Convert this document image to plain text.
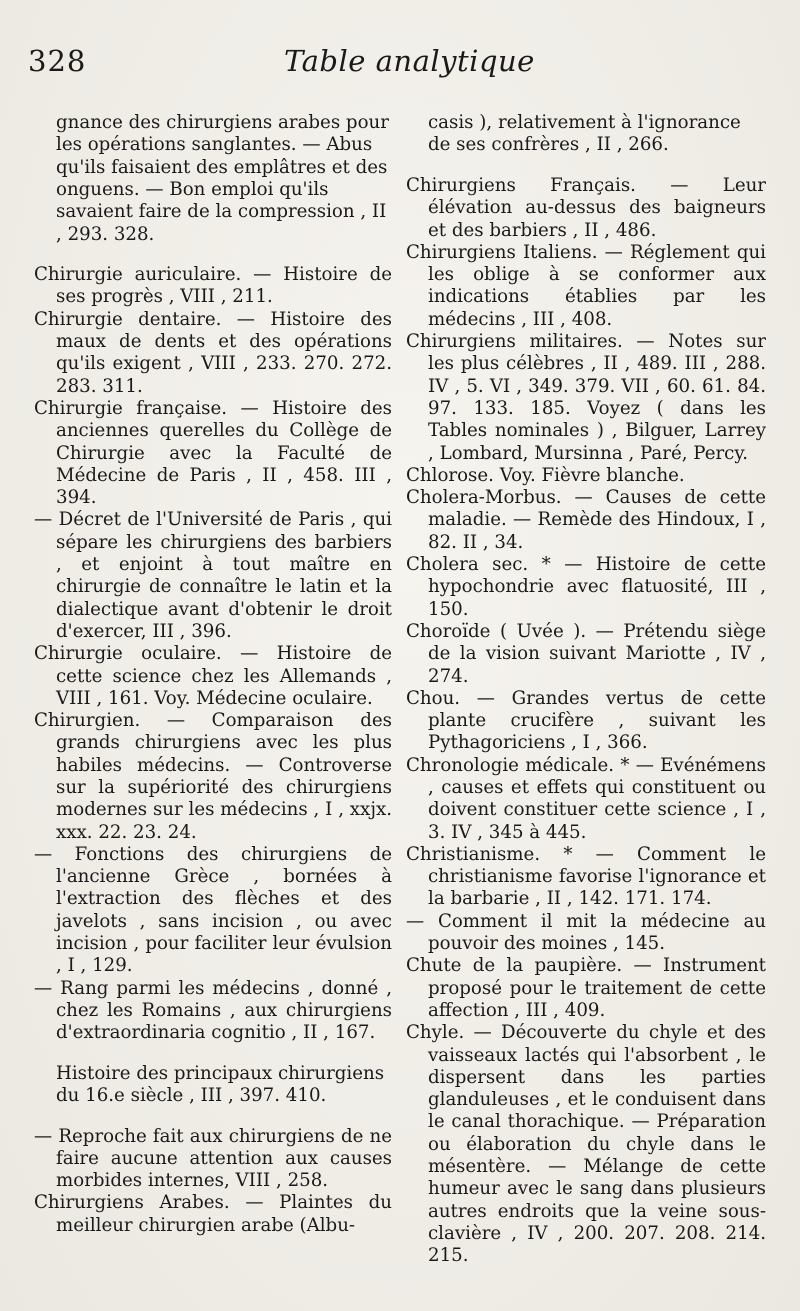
328	Table analytique

gnance des chirurgiens arabes pour les opérations sanglantes. — Abus qu'ils faisaient des emplâtres et des onguens. — Bon emploi qu'ils savaient faire de la compression , II , 293. 328.

Chirurgie auriculaire. — Histoire de ses progrès , VIII , 211.

Chirurgie dentaire. — Histoire des maux de dents et des opérations qu'ils exigent , VIII , 233. 270. 272. 283. 311.

Chirurgie française. — Histoire des anciennes querelles du Collège de Chirurgie avec la Faculté de Médecine de Paris , II , 458. III , 394.

— Décret de l'Université de Paris , qui sépare les chirurgiens des barbiers , et enjoint à tout maître en chirurgie de connaître le latin et la dialectique avant d'obtenir le droit d'exercer, III , 396.

Chirurgie oculaire. — Histoire de cette science chez les Allemands , VIII , 161. Voy. Médecine oculaire.

Chirurgien. — Comparaison des grands chirurgiens avec les plus habiles médecins. — Controverse sur la supériorité des chirurgiens modernes sur les médecins , I , xxjx. xxx. 22. 23. 24.

— Fonctions des chirurgiens de l'ancienne Grèce , bornées à l'extraction des flèches et des javelots , sans incision , ou avec incision , pour faciliter leur évulsion , I , 129.

— Rang parmi les médecins , donné , chez les Romains , aux chirurgiens d'extraordinaria cognitio , II , 167.

Histoire des principaux chirurgiens du 16.e siècle , III , 397. 410.

— Reproche fait aux chirurgiens de ne faire aucune attention aux causes morbides internes, VIII , 258.

Chirurgiens Arabes. — Plaintes du meilleur chirurgien arabe (Albu-

casis ), relativement à l'ignorance de ses confrères , II , 266.

Chirurgiens Français. — Leur élévation au-dessus des baigneurs et des barbiers , II , 486.

Chirurgiens Italiens. — Réglement qui les oblige à se conformer aux indications établies par les médecins , III , 408.

Chirurgiens militaires. — Notes sur les plus célèbres , II , 489. III , 288. IV , 5. VI , 349. 379. VII , 60. 61. 84. 97. 133. 185. Voyez ( dans les Tables nominales ) , Bilguer, Larrey , Lombard, Mursinna , Paré, Percy.

Chlorose. Voy. Fièvre blanche.

Cholera-Morbus. — Causes de cette maladie. — Remède des Hindoux, I , 82. II , 34.

Cholera sec. * — Histoire de cette hypochondrie avec flatuosité, III , 150.

Choroïde ( Uvée ). — Prétendu siège de la vision suivant Mariotte , IV , 274.

Chou. — Grandes vertus de cette plante crucifère , suivant les Pythagoriciens , I , 366.

Chronologie médicale. * — Evénémens , causes et effets qui constituent ou doivent constituer cette science , I , 3. IV , 345 à 445.

Christianisme. * — Comment le christianisme favorise l'ignorance et la barbarie , II , 142. 171. 174.

— Comment il mit la médecine au pouvoir des moines , 145.

Chute de la paupière. — Instrument proposé pour le traitement de cette affection , III , 409.

Chyle. — Découverte du chyle et des vaisseaux lactés qui l'absorbent , le dispersent dans les parties glanduleuses , et le conduisent dans le canal thorachique. — Préparation ou élaboration du chyle dans le mésentère. — Mélange de cette humeur avec le sang dans plusieurs autres endroits que la veine sous-clavière , IV , 200. 207. 208. 214. 215.
